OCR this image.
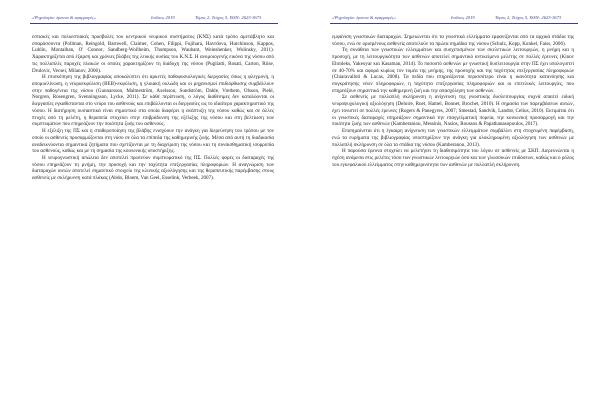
«Ψυχολογία: έρευνα & εφαρμογές»	Ιούλιος 2019	Τόμος 2, Τεύχος 5, ISSN: 2623-3673

εστιακές και πολυεστιακές προσβολές του κεντρικού νευρικού συστήματος (ΚΝΣ) κατά τρόπο αμετάβλητο και σπαράσσοντα (Pollman, Reingold, Barnwell, Claimer, Cohen, Filippi, Fujihara, Havrdova, Hutchinson, Kappos, Lublin, Montalban, O' Connor, Sandberg-Wollheim, Thompson, Waubant, Weinshenker, Wolinsky, 2011). Χαρακτηρίζεται από έξαρση και χρόνιες βλάβες της λευκής ουσίας του Κ.Ν.Σ. Η ανομοιογενής εικόνα της νόσου από τις πολλαπλές παροχές πλακών οι οποίες χαρακτηρίζουν τη διάδοχη της νόσου (Pugliatti, Rosati, Carton, Riise, Drulovic, Vecsei, Milanov, 2006).

Η επισκόπηση της βιβλιογραφίας αποκαλύπτει ότι αρκετές παθοφυσιολογικές διεργασίες όπως η φλεγμονή, η απομυελίνωση, η νευροεκφύλιση (ΒΕΒ)-εκφύλιση, η γλοιακή ουλώδη και οι μηχανισμοί επιδιόρθωσης συμβάλλουν στην παθογένεια της νόσου (Gunnarsson, Malmeström, Axelsson, Sundström, Dahle, Vrethem, Olsson, Piehl, Norgren, Rosengren, Svenningsson, Lycke, 2011). Σε κάθε περίπτωση, ο λόγος διαθέσιμες δεν καταλύονται οι διεργασίες εγκαθίστανται στο νεύρο του ασθενούς και επιβάλλονται οι διεργασίες ως το ιδιαίτερο χαρακτηριστικό της νόσου. Η διατήρηση ουσιαστικά είναι σημαντικό στα οποία διαφέρει η ανάπτυξη της νόσου καθώς και σε άλλες πτυχές από τη μελέτη, η θεραπεία στοχεύει στην επιβράδυνση της εξέλιξης της νόσου και στη βελτίωση των συμπτωμάτων που επηρεάζουν την ποιότητα ζωής του ασθενούς.

Η εξέλιξη της ΠΣ και η σταθεροποίηση της βλάβης ενισχύουν την ανάγκη για διερεύνηση του τρόπου με τον οποίο οι ασθενείς προσαρμόζονται στη νόσο σε όλα τα επίπεδα της καθημερινής ζωής. Μέσα από αυτή τη διαδικασία αναδεικνύονται σημαντικά ζητήματα που σχετίζονται με τη διαχείριση της νόσου και τη συναισθηματική ισορροπία του ασθενούς, καθώς και με τη σημασία της κοινωνικής υποστήριξης.

Η νευρογνωστική απώλεια δεν αποτελεί πρωτεύον συμπτωματικό της ΠΣ. Πολλές φορές οι διαταραχές της νόσου επηρεάζουν τη μνήμη, την προσοχή και την ταχύτητα επεξεργασίας πληροφοριών. Η αναγνώριση των διαταραχών αυτών αποτελεί σημαντικό στοιχείο της κλινικής αξιολόγησης και της θεραπευτικής παρέμβασης στους ασθενείς με σκλήρυνση κατά πλάκας (Abdo, Bloem, Van Geel, Esselink, Verbeek, 2007).

«Ψυχολογία: έρευνα & εφαρμογές»	Ιούλιος 2019	Τόμος 2, Τεύχος 5, ISSN: 2623-3673

εμφάνιση γνωστικών διαταραχών. Σημειώνεται ότι τα γνωστικά ελλείμματα εμφανίζονται από τα αρχικά στάδια της νόσου, ενώ σε ορισμένους ασθενείς αποτελούν τα πρώτα σημάδια της νόσου (Schulz, Kopp, Kunkel, Faiss, 2006).

Τη συνάθεια των γνωστικών ελλειμμάτων και συσχετισμένων των σκελετικών λειτουργιών, η μνήμη και η προσοχή, με τη λειτουργικότητα των ασθενών αποτελεί σημαντικό αντικείμενο μελέτης σε πολλές έρευνες (Kinoc Ehrnleks, Yakeoyar και Kasaman, 2014). Το ποσοστό ασθενών με γνωστική δυσλειτουργία στην ΠΣ έχει υπολογιστεί σε 40-70% και αφορά κυρίως τον τομέα της μνήμης, της προσοχής και της ταχύτητας επεξεργασίας πληροφοριών (Chiaravalloti & Lucas, 2008). Τα πεδία που επηρεάζονται περισσότερο είναι η ικανότητα κατανόησης και συγκράτησης νέων πληροφοριών, η ταχύτητα επεξεργασίας πληροφοριών και οι επιτελικές λειτουργίες, που επηρεάζουν σημαντικά την καθημερινή ζωή και την απασχόληση των ασθενών.

Σε ασθενείς με πολλαπλή σκλήρυνση η ανίχνευση της γνωστικής δυσλειτουργίας συχνά απαιτεί ειδική νευροψυχολογική αξιολόγηση (Deloire, Ruet, Hamel, Bonnet, Brochet, 2010). Η σημασία των παρεμβάσεων αυτών, έχει τονιστεί σε πολλές έρευνες (Rogers & Panegyres, 2007; Smestad, Sandvik, Landrø, Celius, 2010). Εκτιμάται ότι οι γνωστικές διαταραχές επηρεάζουν σημαντικά την επαγγελματική πορεία, την κοινωνική προσαρμογή και την ποιότητα ζωής των ασθενών (Kamberaniou, Messinis, Nasios, Roussos & Papathanasopoulos, 2017).

Επισημαίνεται ότι η έγκαιρη ανίχνευση των γνωστικών ελλειμμάτων συμβάλλει στη στοχευμένη παρέμβαση, ενώ τα ευρήματα της βιβλιογραφίας υποστηρίζουν την ανάγκη για ολοκληρωμένη αξιολόγηση των ασθενών με πολλαπλή σκλήρυνση σε όλα τα στάδια της νόσου (Kamberanou, 2013).

Η παρούσα έρευνα στοχεύει να μελετήσει τη διαθεσιμότητα του λόγου σε ασθενείς με ΣΚΠ. Διερευνώνται η σχέση ανάμεσα στις μελέτες τόσο των γνωστικών λειτουργιών όσο και των γλωσσικών επιδόσεων, καθώς και ο ρόλος του εγκεφαλικού ελλείμματος στην καθημερινότητα των ασθενών με πολλαπλή σκλήρυνση.
